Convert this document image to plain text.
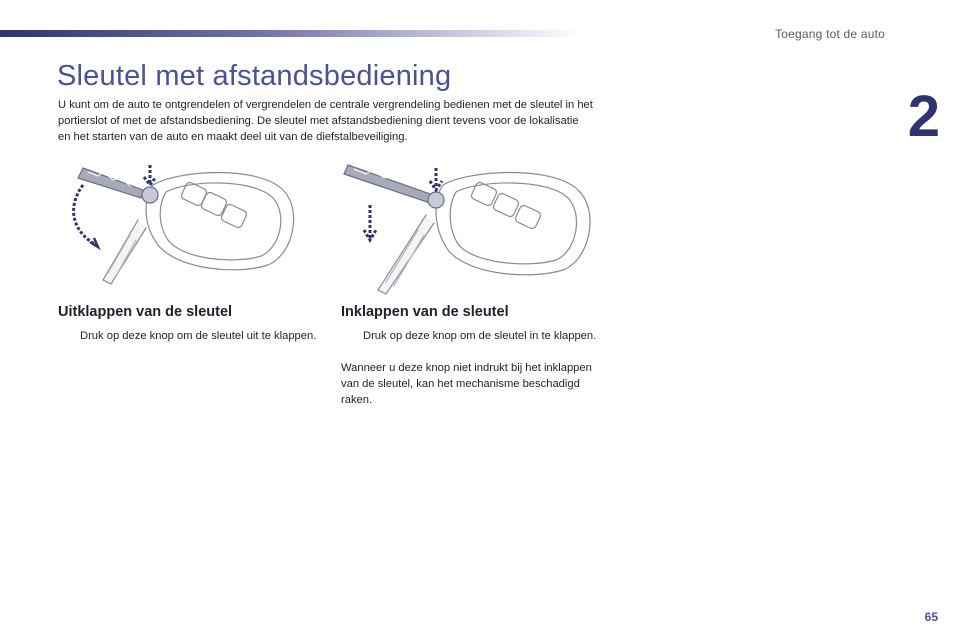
Toegang tot de auto
2
Sleutel met afstandsbediening

U kunt om de auto te ontgrendelen of vergrendelen de centrale vergrendeling bedienen met de sleutel in het portierslot of met de afstandsbediening. De sleutel met afstandsbediening dient tevens voor de lokalisatie en het starten van de auto en maakt deel uit van de diefstalbeveiliging.

Uitklappen van de sleutel

Druk op deze knop om de sleutel uit te klappen.

Inklappen van de sleutel

Druk op deze knop om de sleutel in te klappen.

Wanneer u deze knop niet indrukt bij het inklappen van de sleutel, kan het mechanisme beschadigd raken.

65
